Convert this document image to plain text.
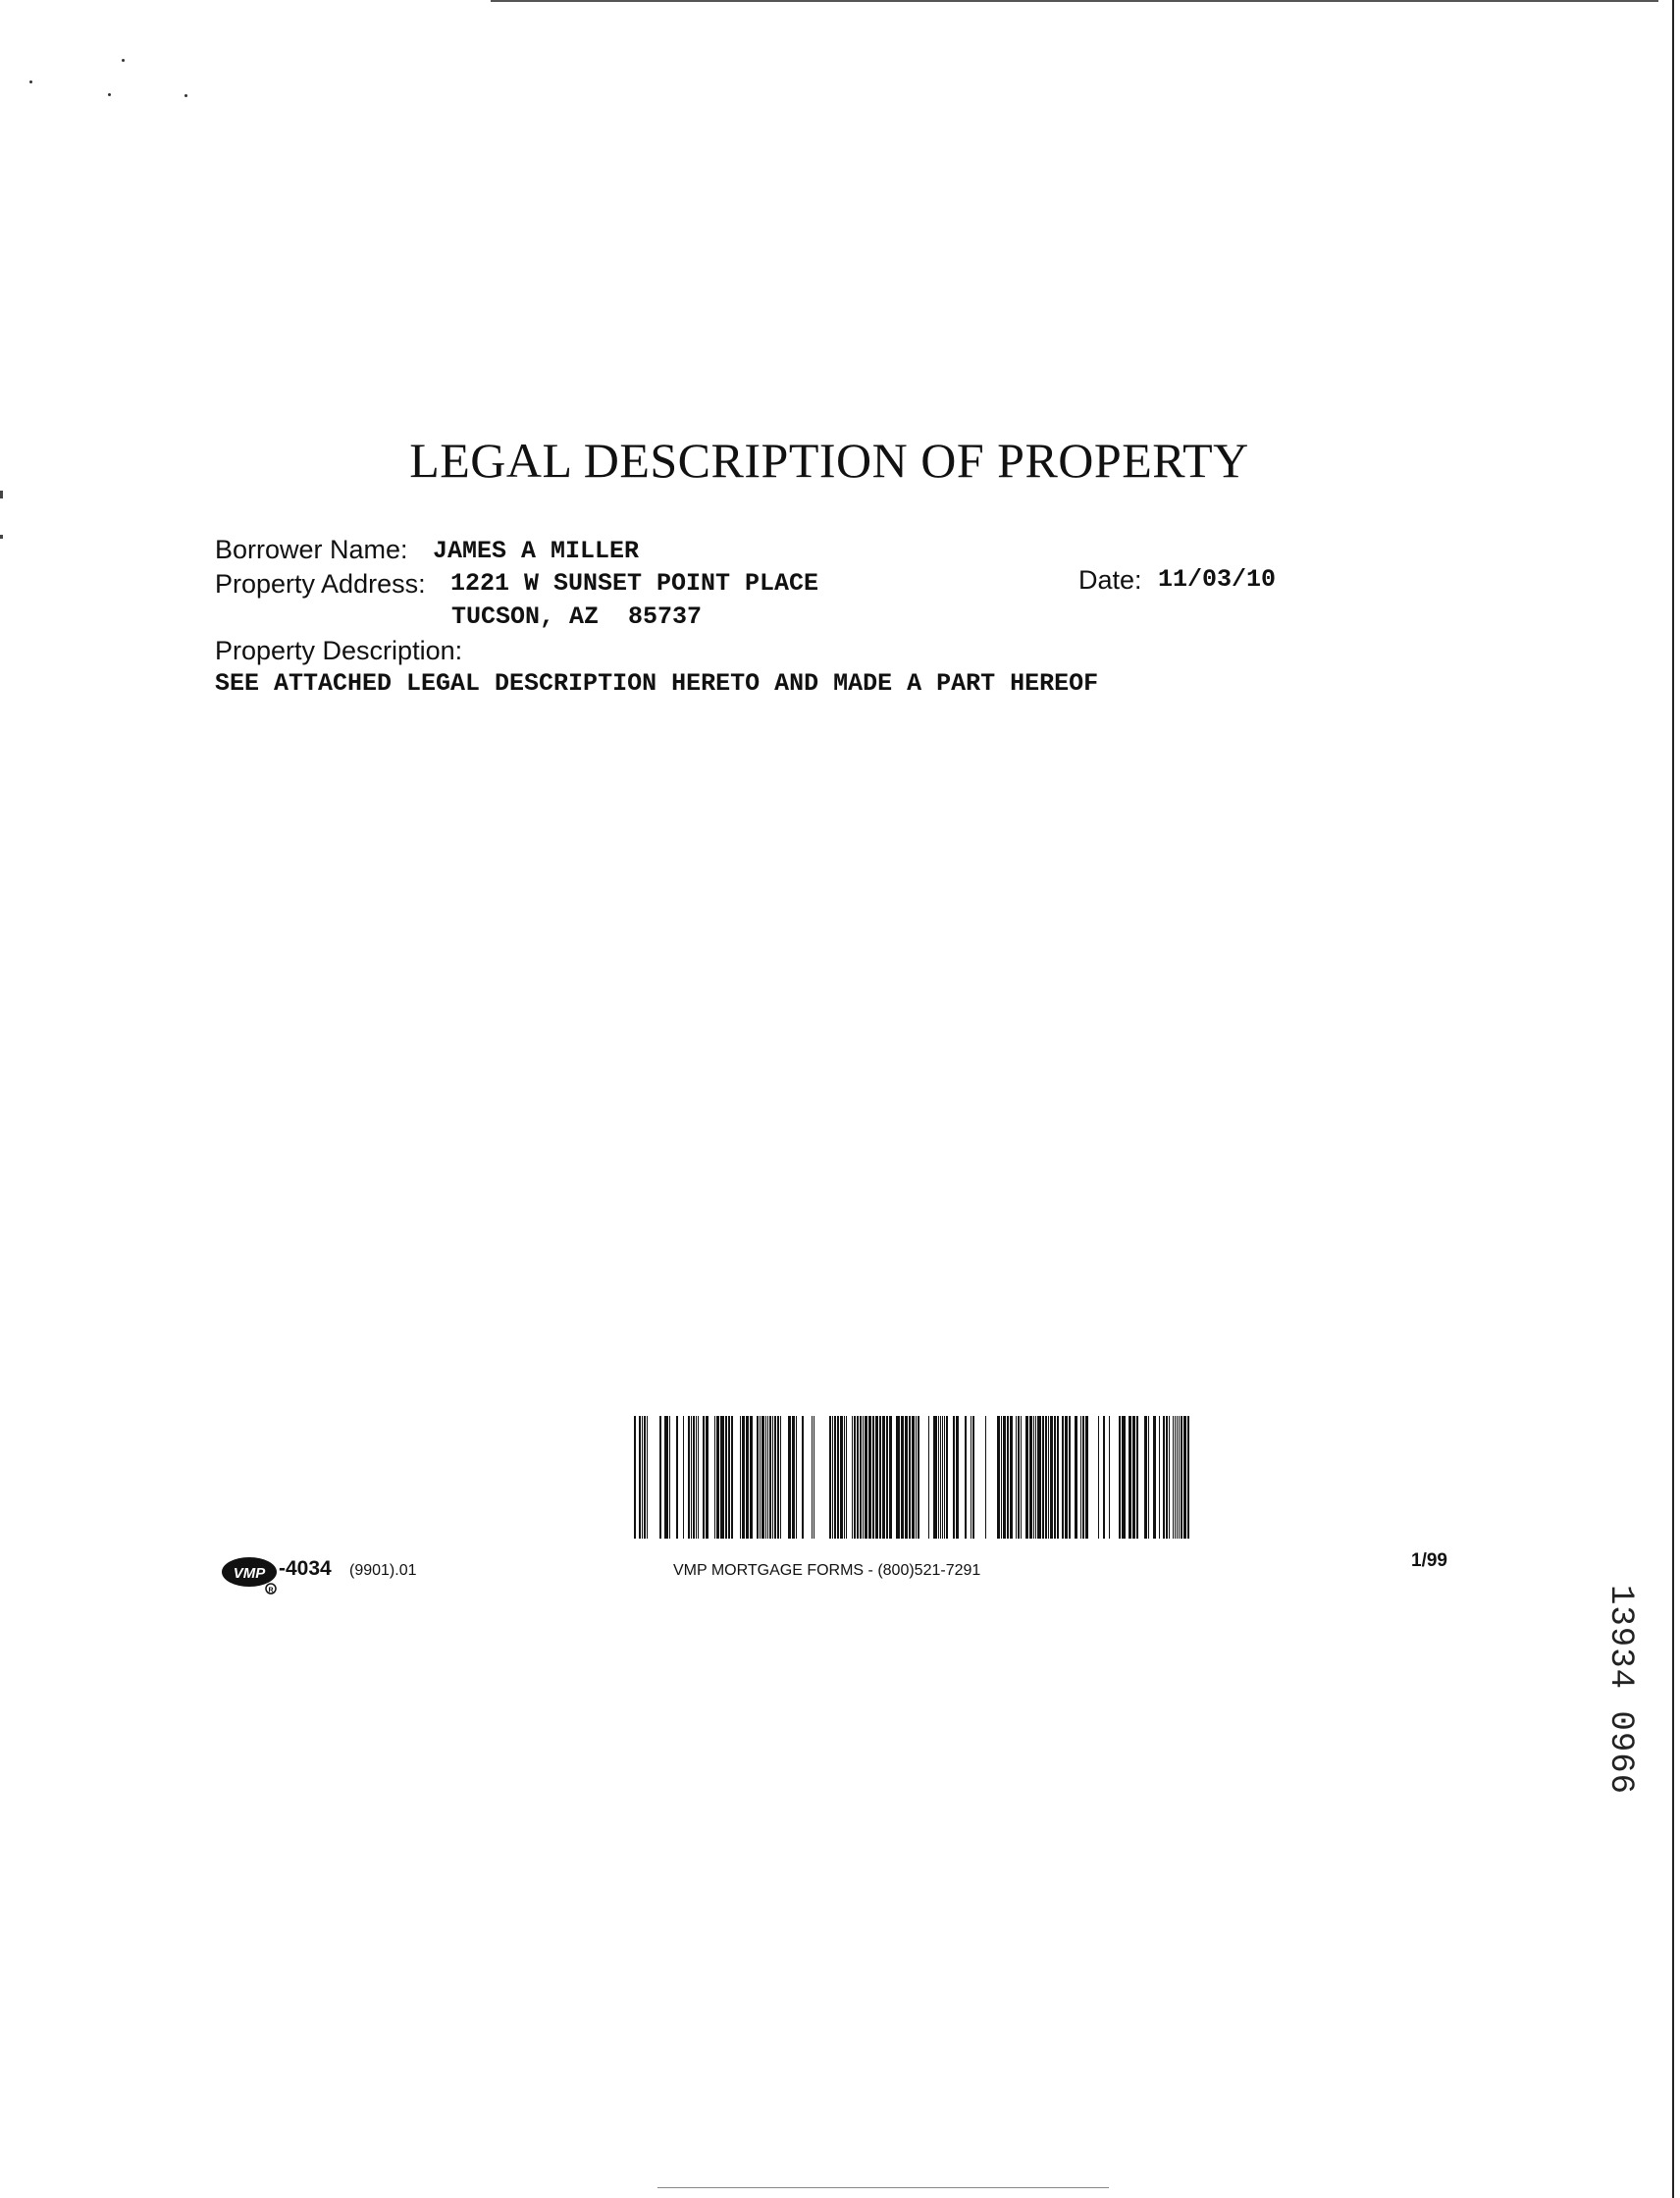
LEGAL DESCRIPTION OF PROPERTY
Borrower Name: JAMES A MILLER
Property Address: 1221 W SUNSET POINT PLACE
TUCSON, AZ  85737
Date: 11/03/10
Property Description:
SEE ATTACHED LEGAL DESCRIPTION HERETO AND MADE A PART HEREOF
VMP
R
-4034 (9901).01	VMP MORTGAGE FORMS - (800)521-7291	1/99
13934 0966
